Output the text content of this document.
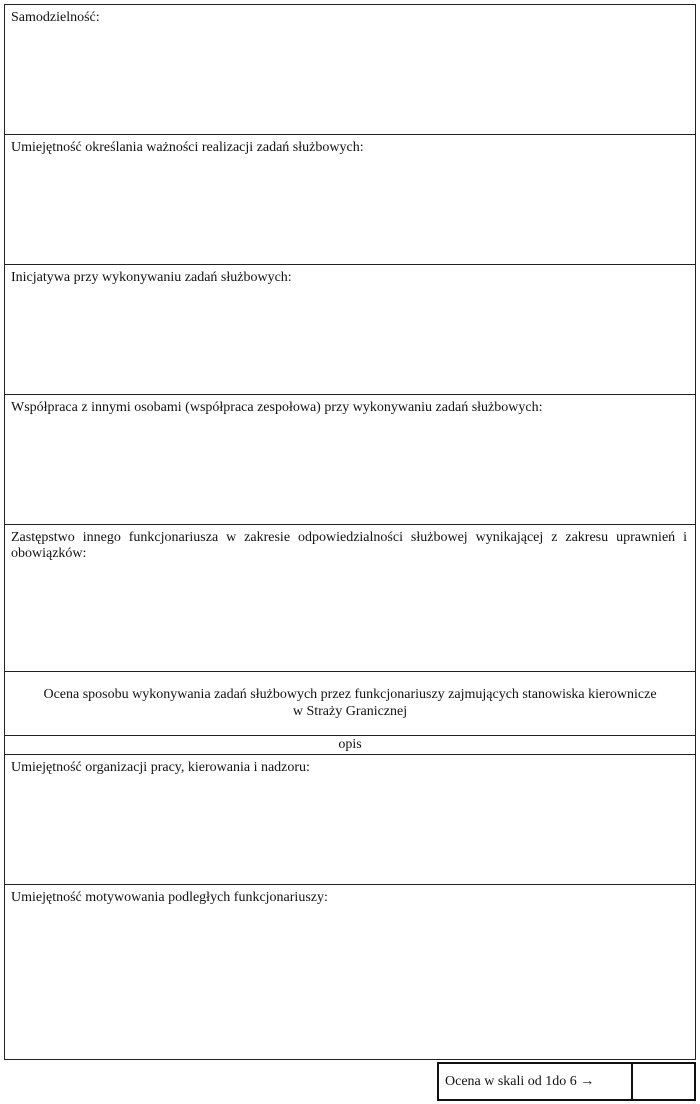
Samodzielność:
Umiejętność określania ważności realizacji zadań służbowych:
Inicjatywa przy wykonywaniu zadań służbowych:
Współpraca z innymi osobami (współpraca zespołowa) przy wykonywaniu zadań służbowych:
Zastępstwo innego funkcjonariusza w zakresie odpowiedzialności służbowej wynikającej z zakresu uprawnień i obowiązków:
Ocena sposobu wykonywania zadań służbowych przez funkcjonariuszy zajmujących stanowiska kierownicze
w Straży Granicznej
opis
Umiejętność organizacji pracy, kierowania i nadzoru:
Umiejętność motywowania podległych funkcjonariuszy:
Ocena w skali od 1do 6 →
